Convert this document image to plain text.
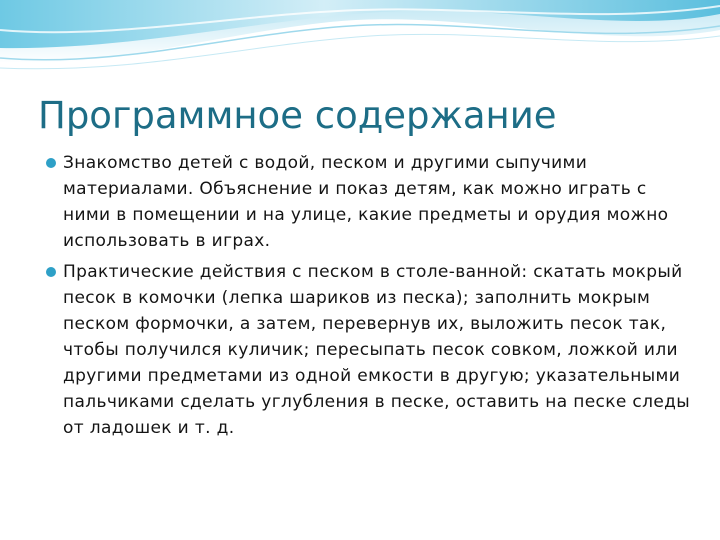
Программное содержание
Знакомство детей с водой, песком и другими сыпучими материалами. Объяснение и показ детям, как можно играть с ними в помещении и на улице, какие предметы и орудия можно использовать в играх.
Практические действия с песком в столе-ванной: скатать мокрый песок в комочки (лепка шариков из песка); заполнить мокрым песком формочки, а затем, перевернув их, выложить песок так, чтобы получился куличик; пересыпать песок совком, ложкой или другими предметами из одной емкости в другую; указательными пальчиками сделать углубления в песке, оставить на песке следы от ладошек и т. д.
